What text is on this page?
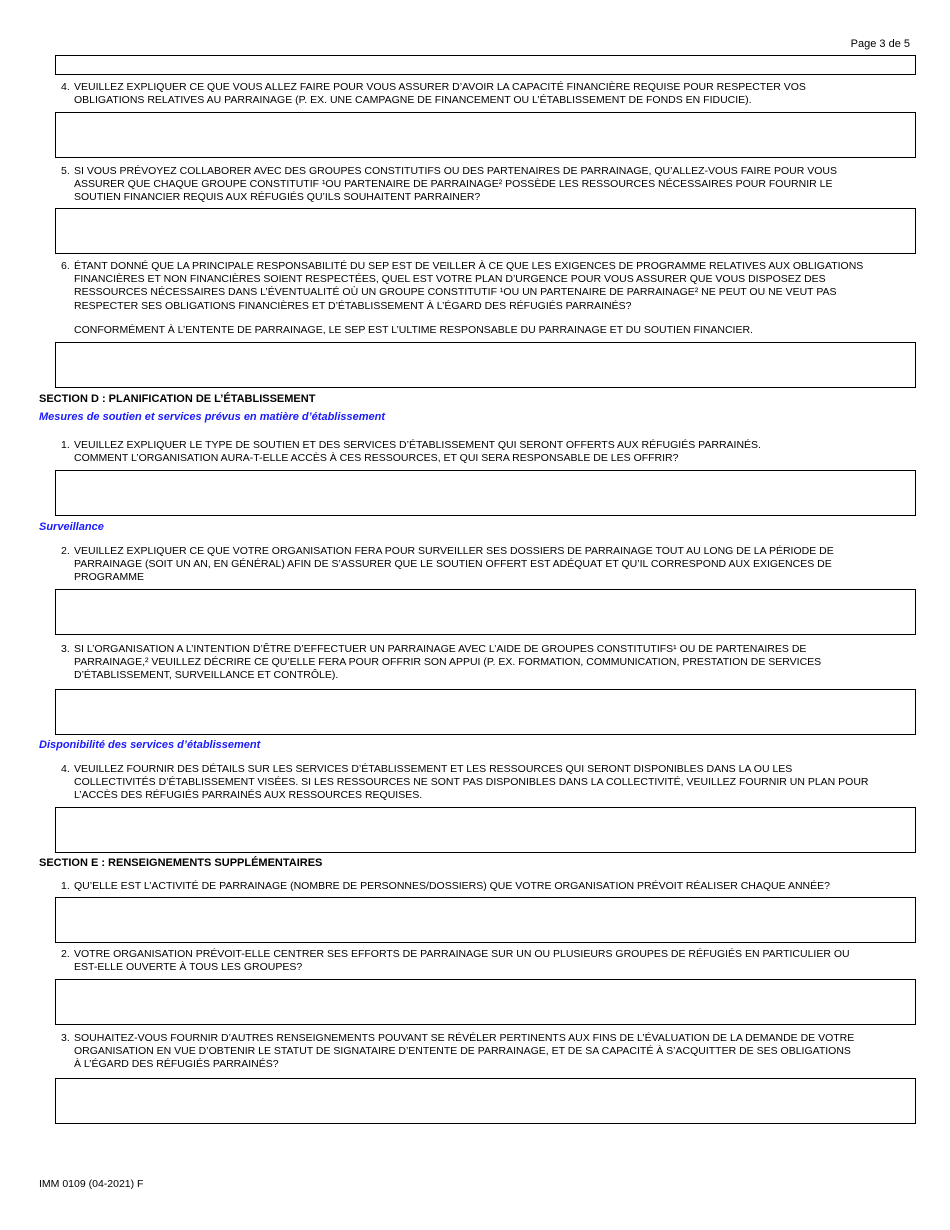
Page 3 de 5
4. VEUILLEZ EXPLIQUER CE QUE VOUS ALLEZ FAIRE POUR VOUS ASSURER D’AVOIR LA CAPACITÉ FINANCIÈRE REQUISE POUR RESPECTER VOS
OBLIGATIONS RELATIVES AU PARRAINAGE (P. EX. UNE CAMPAGNE DE FINANCEMENT OU L’ÉTABLISSEMENT DE FONDS EN FIDUCIE).
5. SI VOUS PRÉVOYEZ COLLABORER AVEC DES GROUPES CONSTITUTIFS OU DES PARTENAIRES DE PARRAINAGE, QU’ALLEZ-VOUS FAIRE POUR VOUS
ASSURER QUE CHAQUE GROUPE CONSTITUTIF ¹OU PARTENAIRE DE PARRAINAGE² POSSÈDE LES RESSOURCES NÉCESSAIRES POUR FOURNIR LE
SOUTIEN FINANCIER REQUIS AUX RÉFUGIÉS QU’ILS SOUHAITENT PARRAINER?
6. ÉTANT DONNÉ QUE LA PRINCIPALE RESPONSABILITÉ DU SEP EST DE VEILLER À CE QUE LES EXIGENCES DE PROGRAMME RELATIVES AUX OBLIGATIONS
FINANCIÈRES ET NON FINANCIÈRES SOIENT RESPECTÉES, QUEL EST VOTRE PLAN D’URGENCE POUR VOUS ASSURER QUE VOUS DISPOSEZ DES
RESSOURCES NÉCESSAIRES DANS L’ÉVENTUALITÉ OÙ UN GROUPE CONSTITUTIF ¹OU UN PARTENAIRE DE PARRAINAGE² NE PEUT OU NE VEUT PAS
RESPECTER SES OBLIGATIONS FINANCIÈRES ET D’ÉTABLISSEMENT À L’ÉGARD DES RÉFUGIÉS PARRAINÉS?
CONFORMÉMENT À L’ENTENTE DE PARRAINAGE, LE SEP EST L’ULTIME RESPONSABLE DU PARRAINAGE ET DU SOUTIEN FINANCIER.
SECTION D : PLANIFICATION DE L’ÉTABLISSEMENT
Mesures de soutien et services prévus en matière d’établissement
1. VEUILLEZ EXPLIQUER LE TYPE DE SOUTIEN ET DES SERVICES D’ÉTABLISSEMENT QUI SERONT OFFERTS AUX RÉFUGIÉS PARRAINÉS.
COMMENT L’ORGANISATION AURA-T-ELLE ACCÈS À CES RESSOURCES, ET QUI SERA RESPONSABLE DE LES OFFRIR?
Surveillance
2. VEUILLEZ EXPLIQUER CE QUE VOTRE ORGANISATION FERA POUR SURVEILLER SES DOSSIERS DE PARRAINAGE TOUT AU LONG DE LA PÉRIODE DE
PARRAINAGE (SOIT UN AN, EN GÉNÉRAL) AFIN DE S’ASSURER QUE LE SOUTIEN OFFERT EST ADÉQUAT ET QU’IL CORRESPOND AUX EXIGENCES DE
PROGRAMME
3. SI L’ORGANISATION A L’INTENTION D’ÊTRE D’EFFECTUER UN PARRAINAGE AVEC L’AIDE DE GROUPES CONSTITUTIFS¹ OU DE PARTENAIRES DE
PARRAINAGE,² VEUILLEZ DÉCRIRE CE QU’ELLE FERA POUR OFFRIR SON APPUI (P. EX. FORMATION, COMMUNICATION, PRESTATION DE SERVICES
D’ÉTABLISSEMENT, SURVEILLANCE ET CONTRÔLE).
Disponibilité des services d’établissement
4. VEUILLEZ FOURNIR DES DÉTAILS SUR LES SERVICES D’ÉTABLISSEMENT ET LES RESSOURCES QUI SERONT DISPONIBLES DANS LA OU LES
COLLECTIVITÉS D’ÉTABLISSEMENT VISÉES. SI LES RESSOURCES NE SONT PAS DISPONIBLES DANS LA COLLECTIVITÉ, VEUILLEZ FOURNIR UN PLAN POUR
L’ACCÈS DES RÉFUGIÉS PARRAINÉS AUX RESSOURCES REQUISES.
SECTION E : RENSEIGNEMENTS SUPPLÉMENTAIRES
1. QU’ELLE EST L’ACTIVITÉ DE PARRAINAGE (NOMBRE DE PERSONNES/DOSSIERS) QUE VOTRE ORGANISATION PRÉVOIT RÉALISER CHAQUE ANNÉE?
2. VOTRE ORGANISATION PRÉVOIT-ELLE CENTRER SES EFFORTS DE PARRAINAGE SUR UN OU PLUSIEURS GROUPES DE RÉFUGIÉS EN PARTICULIER OU
EST-ELLE OUVERTE À TOUS LES GROUPES?
3. SOUHAITEZ-VOUS FOURNIR D’AUTRES RENSEIGNEMENTS POUVANT SE RÉVÉLER PERTINENTS AUX FINS DE L’ÉVALUATION DE LA DEMANDE DE VOTRE
ORGANISATION EN VUE D’OBTENIR LE STATUT DE SIGNATAIRE D’ENTENTE DE PARRAINAGE, ET DE SA CAPACITÉ À S’ACQUITTER DE SES OBLIGATIONS
À L’ÉGARD DES RÉFUGIÉS PARRAINÉS?
IMM 0109 (04-2021) F
